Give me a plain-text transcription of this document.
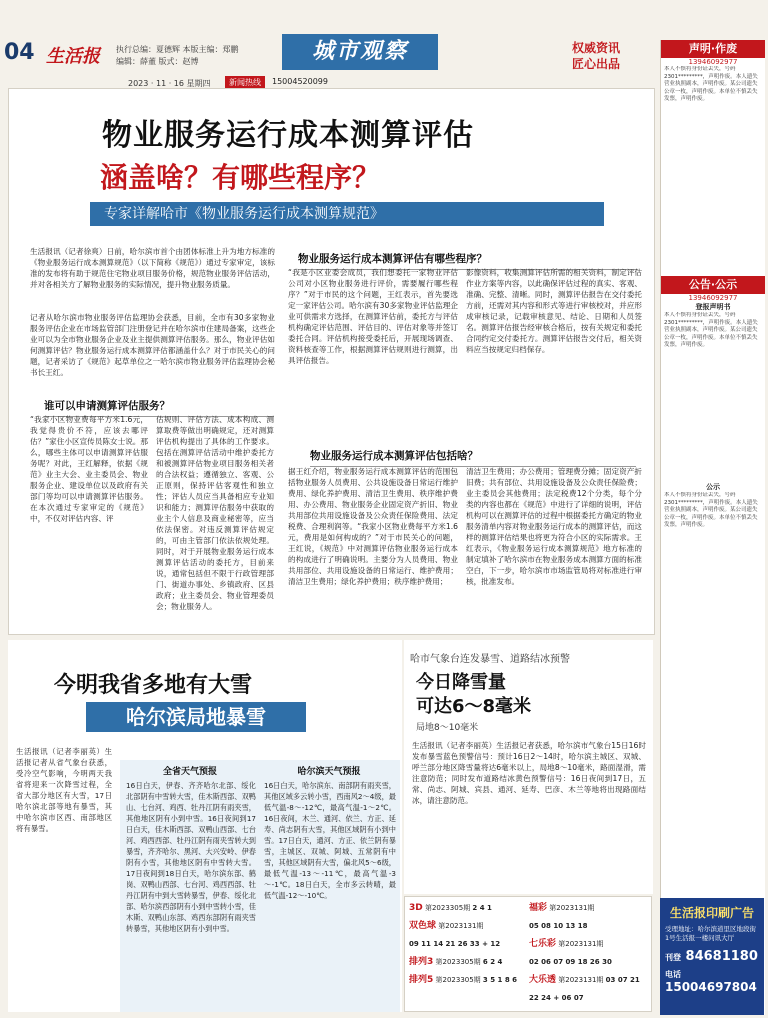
04 生活报 执行总编：夏德辉 本版主编：郑鹏
编辑：薛董 版式：赵博	城市观察	权威资讯
匠心出品
2023 · 11 · 16 星期四	新闻热线	15004520099
物业服务运行成本测算评估
涵盖啥？有哪些程序？
专家详解哈市《物业服务运行成本测算规范》
生活报讯（记者徐爽）日前，哈尔滨市首个由团体标准上升为地方标准的《物业服务运行成本测算规范》（以下简称《规范》）通过专家审定，该标准的发布将有助于规范住宅物业项目服务价格，规范物业服务评估活动，并对各相关方了解物业服务的实际情况，提升物业服务质量。
记者从哈尔滨市物业服务评估监理协会获悉，目前，全市有30多家物业服务评估企业在市场监管部门注册登记并在哈尔滨市住建局备案，这些企业可以为全市物业服务企业及业主提供测算评估服务。那么，物业评估如何测算评估？物业服务运行成本测算评估都涵盖什么？对于市民关心的问题，记者采访了《规范》起草单位之一哈尔滨市物业服务评估监理协会秘书长王红。
谁可以申请测算评估服务？
“我家小区物业费每平方米1.6元，我觉得贵价不符，应该去哪评估？”家住小区宣传员陈女士说。那么，哪些主体可以申请测算评估服务呢？对此，王红解释，依据《规范》业主大会、业主委员会、物业服务企业、建设单位以及政府有关部门等均可以申请测算评估服务。在本次通过专家审定的《规范》中，不仅对评估内容、评
估规则、评估方法、成本构成、测算取费等做出明确规定，还对测算评估机构提出了具体的工作要求。包括在测算评估活动中维护委托方和被测算评估物业项目服务相关者的合法权益；遵循独立、客观、公正原则，保持评估客观性和独立性；评估人员应当具备相应专业知识和能力；测算评估服务中获取的业主个人信息及商业秘密等，应当依法保密。对违反测算评估规定的，可由主管部门依法依规处理。同时，对于开展物业服务运行成本测算评估活动的委托方，目前来说，通常包括但不限于行政管理部门、街道办事处、乡镇政府、区县政府；业主委员会、物业管理委员会；物业服务人。
物业服务运行成本测算评估有哪些程序？
“我是小区业委会成员，我们想委托一家物业评估公司对小区物业服务进行评价，需要履行哪些程序？”对于市民的这个问题，王红表示，首先要选定一家评估公司。哈尔滨有30多家物业评估监理企业可供需求方选择，在测算评估前，委托方与评估机构确定评估范围、评估目的、评估对象等并签订委托合同。评估机构接受委托后，开展现场调查、资料核查等工作，根据测算评估规则进行测算，出具评估报告。
影像资料，收集测算评估所需的相关资料，制定评估作业方案等内容，以此确保评估过程的真实、客观、准确、完整、清晰。同时，测算评估报告在交付委托方前，还需对其内容和形式等进行审核校对，并应形成审核记录，记载审核意见、结论、日期和人员签名。测算评估报告经审核合格后，按有关规定和委托合同约定交付委托方。测算评估报告交付后，相关资料应当按规定归档保存。
物业服务运行成本测算评估包括啥？
据王红介绍，物业服务运行成本测算评估的范围包括物业服务人员费用、公共设施设备日常运行维护费用、绿化养护费用、清洁卫生费用、秩序维护费用、办公费用、物业服务企业固定资产折旧、物业共用部位共用设施设备及公众责任保险费用、法定税费、合理利润等。“我家小区物业费每平方米1.6元，费用是如何构成的？”对于市民关心的问题，王红说，《规范》中对测算评估物业服务运行成本的构成进行了明确说明。主要分为人员费用、物业共用部位、共用设施设备的日常运行、维护费用；清洁卫生费用；绿化养护费用；秩序维护费用；
清洁卫生费用；办公费用；管理费分摊；固定资产折旧费；共有部位、共用设施设备及公众责任保险费；业主委员会其他费用；法定税费12个分类，每个分类的内容也都在《规范》中进行了详细的说明，评估机构可以在测算评估的过程中根据委托方确定的物业服务清单内容对物业服务运行成本的测算评估，而这样的测算评估结果也将更为符合小区的实际需求。王红表示，《物业服务运行成本测算规范》地方标准的制定填补了哈尔滨市在物业服务成本测算方面的标准空白，下一步，哈尔滨市市场监管局将对标准进行审核，批准发布。
今明我省多地有大雪
哈尔滨局地暴雪
生活报讯（记者李丽英）生活报记者从省气象台获悉，受冷空气影响，今明两天我省将迎来一次降雪过程，全省大部分地区有大雪，17日哈尔滨北部等地有暴雪，其中哈尔滨市区西、南部地区将有暴雪。
全省天气预报
16日白天，伊春、齐齐哈尔北部、绥化北部阴有中雪转大雪，佳木斯西部、双鸭山、七台河、鸡西、牡丹江阴有雨夹雪，其他地区阴有小到中雪。16日夜间到17日白天，佳木斯西部、双鸭山西部、七台河、鸡西西部、牡丹江阴有雨夹雪转大到暴雪，齐齐哈尔、黑河、大兴安岭、伊春阴有小雪，其他地区阴有中雪转大雪。17日夜间到18日白天，哈尔滨东部、鹤岗、双鸭山西部、七台河、鸡西西部、牡丹江阴有中到大雪转暴雪，伊春、绥化北部、哈尔滨西部阴有小到中雪转小雪，佳木斯、双鸭山东部、鸡西东部阴有雨夹雪转暴雪，其他地区阴有小到中雪。
哈尔滨天气预报
16日白天，哈尔滨东、南部阴有雨夹雪，其他区域多云转小雪，西南风2～4级，最低气温-8～-12℃，最高气温-1～2℃。16日夜间，木兰、通河、依兰、方正、延寿、尚志阴有大雪，其他区域阴有小到中雪。17日白天，通河、方正、依兰阴有暴雪，主城区、双城、阿城、五常阴有中雪，其他区域阴有大雪，偏北风5～6级，最低气温-13～-11℃，最高气温-3～-1℃。18日白天，全市多云转晴，最低气温-12～-10℃。
哈市气象台连发暴雪、道路结冰预警
今日降雪量
可达6～8毫米
局地8～10毫米
生活报讯（记者李丽英）生活报记者获悉，哈尔滨市气象台15日16时发布暴雪蓝色预警信号：预计16日2～14时，哈尔滨主城区、双城、呼兰部分地区降雪量将达6毫米以上，局地8～10毫米，路面湿滑，需注意防范；同时发布道路结冰黄色预警信号：16日夜间到17日，五常、尚志、阿城、宾县、通河、延寿、巴彦、木兰等地将出现路面结冰，请注意防范。
3D 第2023305期 2 4 1	福彩 第2023131期
双色球 第2023131期	05 08 10 13 18
09 11 14 21 26 33 + 12	七乐彩 第2023131期
排列3 第2023305期 6 2 4	02 06 07 09 18 26 30
排列5 第2023305期 3 5 1 8 6	大乐透 第2023131期 03 07 21 22 24 + 06 07
声明·作废
13946092977
本人不慎将身份证丢失，号码2301*********，声明作废。本人遗失营业执照副本，声明作废。某公司遗失公章一枚，声明作废。本单位不慎丢失发票，声明作废。
公告·公示
13946092977
登报声明书
本人不慎将身份证丢失，号码2301*********，声明作废。本人遗失营业执照副本，声明作废。某公司遗失公章一枚，声明作废。本单位不慎丢失发票，声明作废。
公示
本人不慎将身份证丢失，号码2301*********，声明作废。本人遗失营业执照副本，声明作废。某公司遗失公章一枚，声明作废。本单位不慎丢失发票，声明作废。
生活报印刷广告
受理地址：哈尔滨道里区地段街1号生活报一楼问讯大厅
刊登 84681180
电话 15004697804
